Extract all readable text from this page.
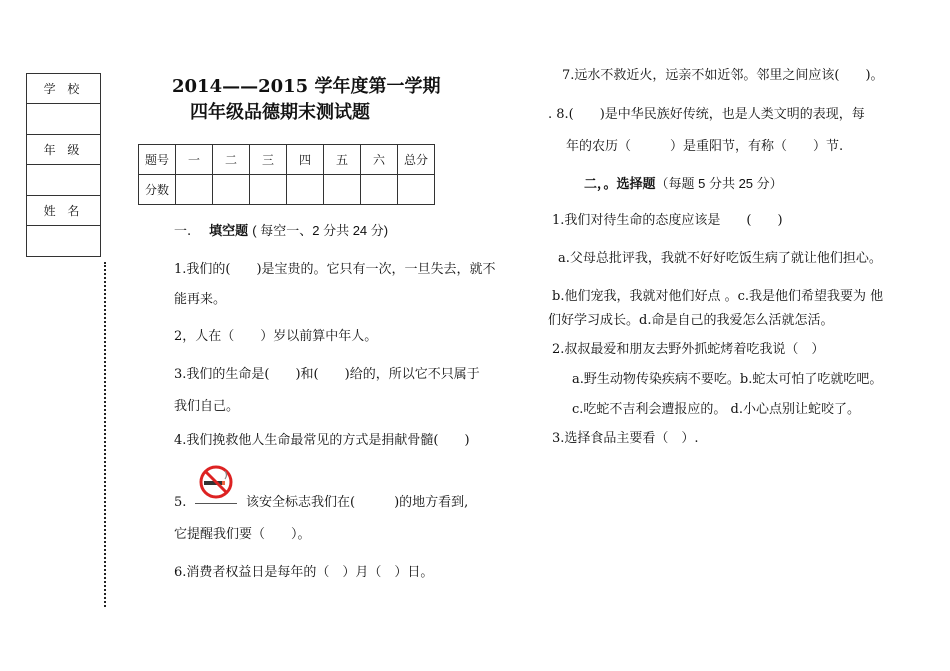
学 校

年 级

姓 名

2014——2015 学年度第一学期
四年级品德期末测试题
题号	一	二	三	四	五	六	总分
分数							
一. 填空题 ( 每空一、2 分共 24 分)
1.我们的(　　)是宝贵的。它只有一次，一旦失去，就不
能再来。
2，人在（　　）岁以前算中年人。
3.我们的生命是(　　)和(　　)给的，所以它不只属于
我们自己。
4.我们挽救他人生命最常见的方式是捐献骨髓(　　)
5.	该安全标志我们在(　　　)的地方看到,
它提醒我们要（　　）。
6.消费者权益日是每年的（　）月（　）日。
7.远水不救近火，远亲不如近邻。邻里之间应该(　　)。
. 8.(　　)是中华民族好传统，也是人类文明的表现，每
年的农历（　　　）是重阳节，有称（　　）节.
二，。选择题（每题 5 分共 25 分）
1.我们对待生命的态度应该是　　(　　)
a.父母总批评我，我就不好好吃饭生病了就让他们担心。
b.他们宠我，我就对他们好点 。c.我是他们希望我要为 他
们好学习成长。d.命是自己的我爱怎么活就怎活。
2.叔叔最爱和朋友去野外抓蛇烤着吃我说（　）
a.野生动物传染疾病不要吃。b.蛇太可怕了吃就吃吧。
c.吃蛇不吉利会遭报应的。 d.小心点别让蛇咬了。
3.选择食品主要看（　）.
